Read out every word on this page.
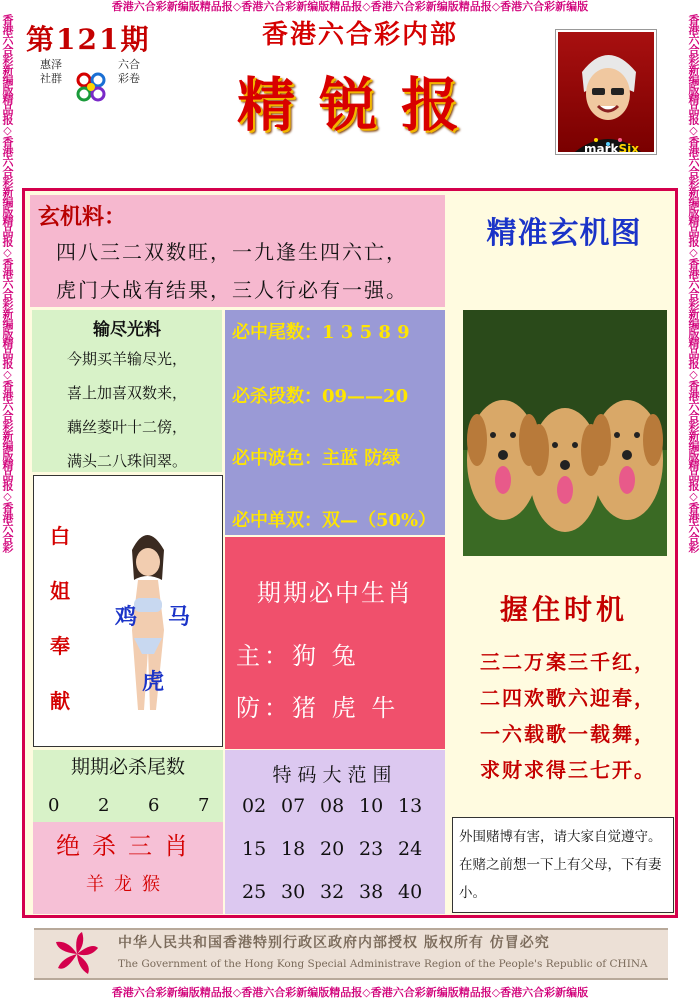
香港六合彩新编版精品报◇香港六合彩新编版精品报◇香港六合彩新编版精品报◇香港六合彩新编版
香港六合彩新编版精品报◇香港六合彩新编版精品报◇香港六合彩新编版精品报◇香港六合彩新编版
香港六合彩新编版精品报◇香港六合彩新编版精品报◇香港六合彩新编版精品报◇香港六合彩新编版精品报◇香港六合彩	香港六合彩新编版精品报◇香港六合彩新编版精品报◇香港六合彩新编版精品报◇香港六合彩新编版精品报◇香港六合彩
第121期
惠泽社群
六合彩卷
香港六合彩内部
精锐报
markSix
玄机料：
四八三二双数旺，一九逢生四六亡，
虎门大战有结果，三人行必有一强。
输尽光料
今期买羊输尽光，
喜上加喜双数来，
藕丝菱叶十二傍，
满头二八珠间翠。
必中尾数：1 3 5 8 9
必杀段数：09——20
必中波色：主蓝 防绿
必中单双：双—（50%）
白
姐
奉
献
鸡 马
虎
期期必中生肖
主：狗 兔
防：猪 虎 牛
期期必杀尾数
0 2 6 7
绝杀三肖
羊龙猴
特码大范围
02 07 08 10 13
15 18 20 23 24
25 30 32 38 40
精准玄机图
握住时机
三二万案三千红，
二四欢歌六迎春，
一六载歌一载舞，
求财求得三七开。
外围赌博有害，请大家自觉遵守。在赌之前想一下上有父母，下有妻小。
中华人民共和国香港特别行政区政府内部授权 版权所有 仿冒必究
The Government of the Hong Kong Special Administrave Region of the People's Republic of CHINA
